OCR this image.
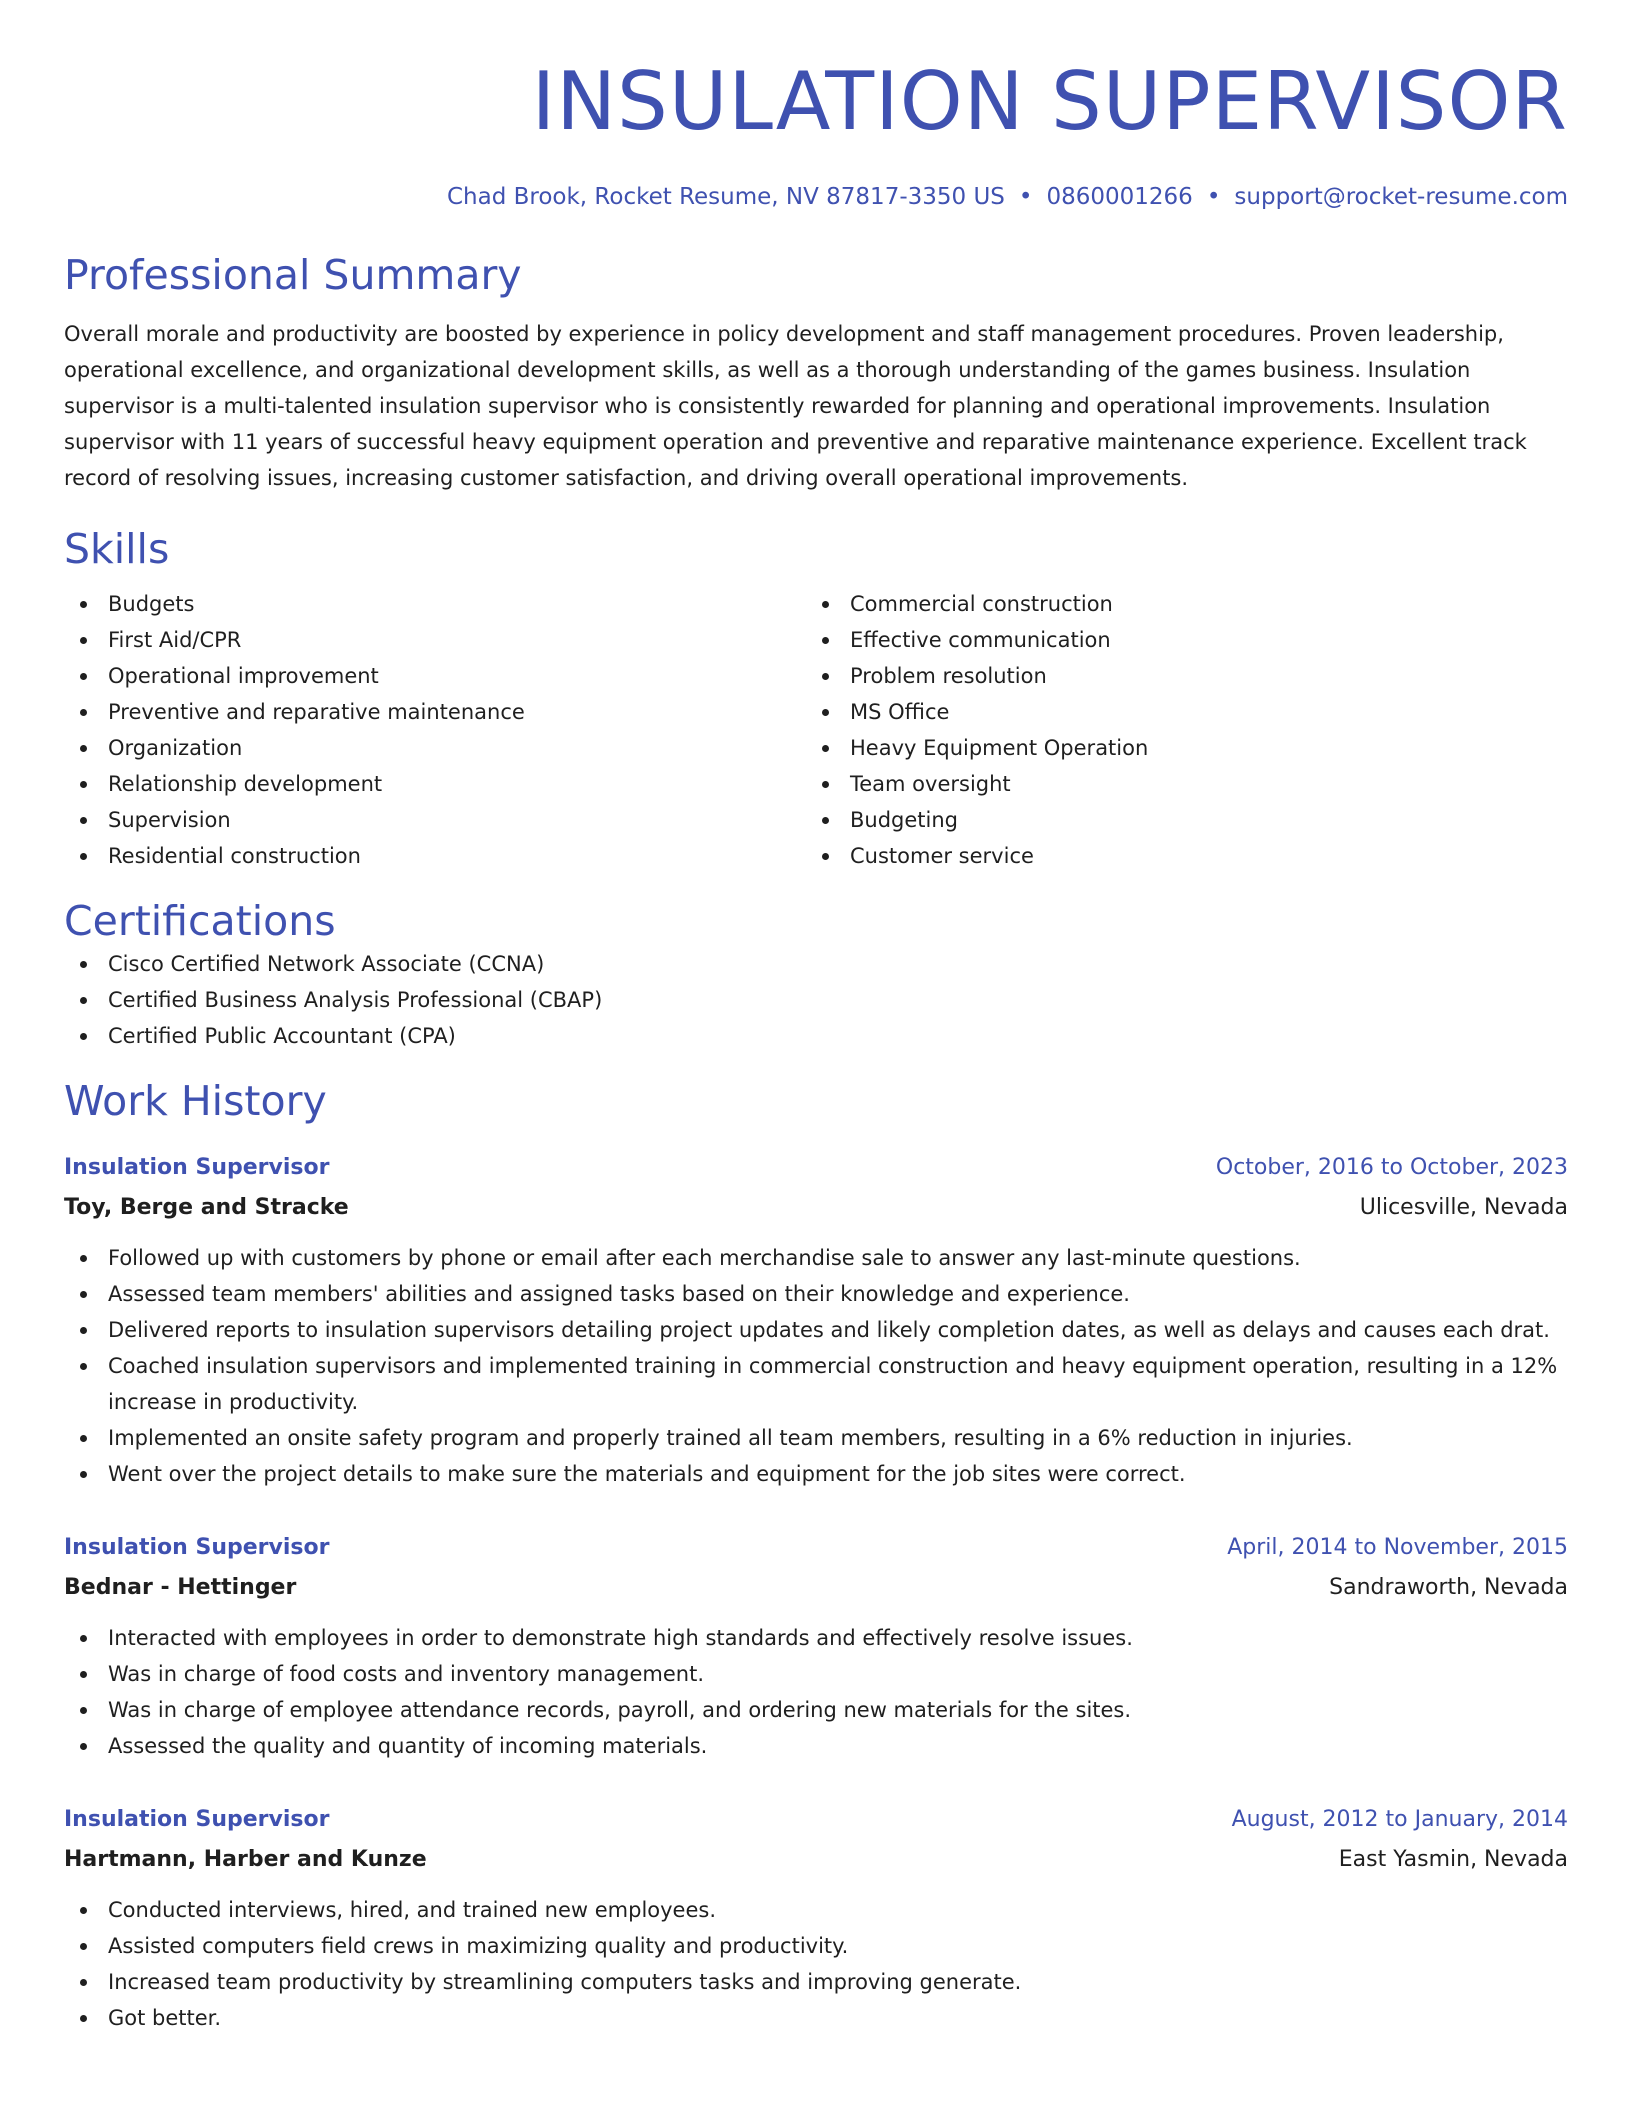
INSULATION SUPERVISOR
Chad Brook, Rocket Resume, NV 87817-3350 US • 0860001266 • support@rocket-resume.com
Professional Summary
Overall morale and productivity are boosted by experience in policy development and staff management procedures. Proven leadership, operational excellence, and organizational development skills, as well as a thorough understanding of the games business. Insulation supervisor is a multi-talented insulation supervisor who is consistently rewarded for planning and operational improvements. Insulation supervisor with 11 years of successful heavy equipment operation and preventive and reparative maintenance experience. Excellent track record of resolving issues, increasing customer satisfaction, and driving overall operational improvements.
Skills
Budgets
First Aid/CPR
Operational improvement
Preventive and reparative maintenance
Organization
Relationship development
Supervision
Residential construction
Commercial construction
Effective communication
Problem resolution
MS Office
Heavy Equipment Operation
Team oversight
Budgeting
Customer service
Certifications
Cisco Certified Network Associate (CCNA)
Certified Business Analysis Professional (CBAP)
Certified Public Accountant (CPA)
Work History
Insulation Supervisor	October, 2016 to October, 2023
Toy, Berge and Stracke	Ulicesville, Nevada
Followed up with customers by phone or email after each merchandise sale to answer any last-minute questions.
Assessed team members' abilities and assigned tasks based on their knowledge and experience.
Delivered reports to insulation supervisors detailing project updates and likely completion dates, as well as delays and causes each drat.
Coached insulation supervisors and implemented training in commercial construction and heavy equipment operation, resulting in a 12% increase in productivity.
Implemented an onsite safety program and properly trained all team members, resulting in a 6% reduction in injuries.
Went over the project details to make sure the materials and equipment for the job sites were correct.
Insulation Supervisor	April, 2014 to November, 2015
Bednar - Hettinger	Sandraworth, Nevada
Interacted with employees in order to demonstrate high standards and effectively resolve issues.
Was in charge of food costs and inventory management.
Was in charge of employee attendance records, payroll, and ordering new materials for the sites.
Assessed the quality and quantity of incoming materials.
Insulation Supervisor	August, 2012 to January, 2014
Hartmann, Harber and Kunze	East Yasmin, Nevada
Conducted interviews, hired, and trained new employees.
Assisted computers field crews in maximizing quality and productivity.
Increased team productivity by streamlining computers tasks and improving generate.
Got better.
